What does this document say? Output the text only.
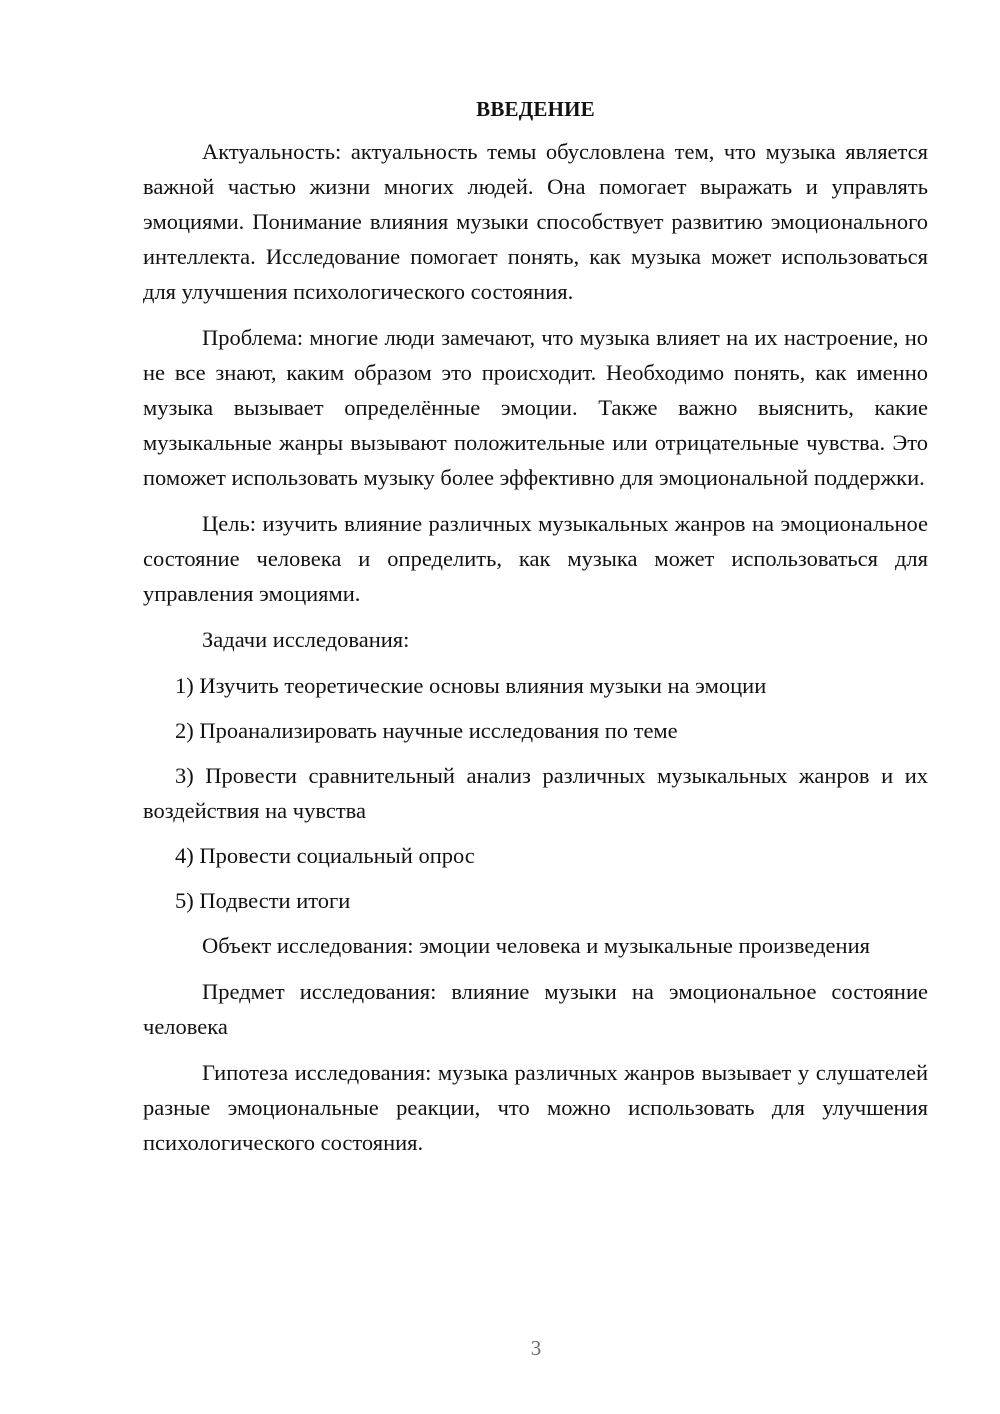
ВВЕДЕНИЕ

Актуальность: актуальность темы обусловлена тем, что музыка является важной частью жизни многих людей. Она помогает выражать и управлять эмоциями. Понимание влияния музыки способствует развитию эмоционального интеллекта. Исследование помогает понять, как музыка может использоваться для улучшения психологического состояния.

Проблема: многие люди замечают, что музыка влияет на их настроение, но не все знают, каким образом это происходит. Необходимо понять, как именно музыка вызывает определённые эмоции. Также важно выяснить, какие музыкальные жанры вызывают положительные или отрицательные чувства. Это поможет использовать музыку более эффективно для эмоциональной поддержки.

Цель: изучить влияние различных музыкальных жанров на эмоциональное состояние человека и определить, как музыка может использоваться для управления эмоциями.

Задачи исследования:

1) Изучить теоретические основы влияния музыки на эмоции

2) Проанализировать научные исследования по теме

3) Провести сравнительный анализ различных музыкальных жанров и их воздействия на чувства

4) Провести социальный опрос

5) Подвести итоги

Объект исследования: эмоции человека и музыкальные произведения

Предмет исследования: влияние музыки на эмоциональное состояние человека

Гипотеза исследования: музыка различных жанров вызывает у слушателей разные эмоциональные реакции, что можно использовать для улучшения психологического состояния.

3
